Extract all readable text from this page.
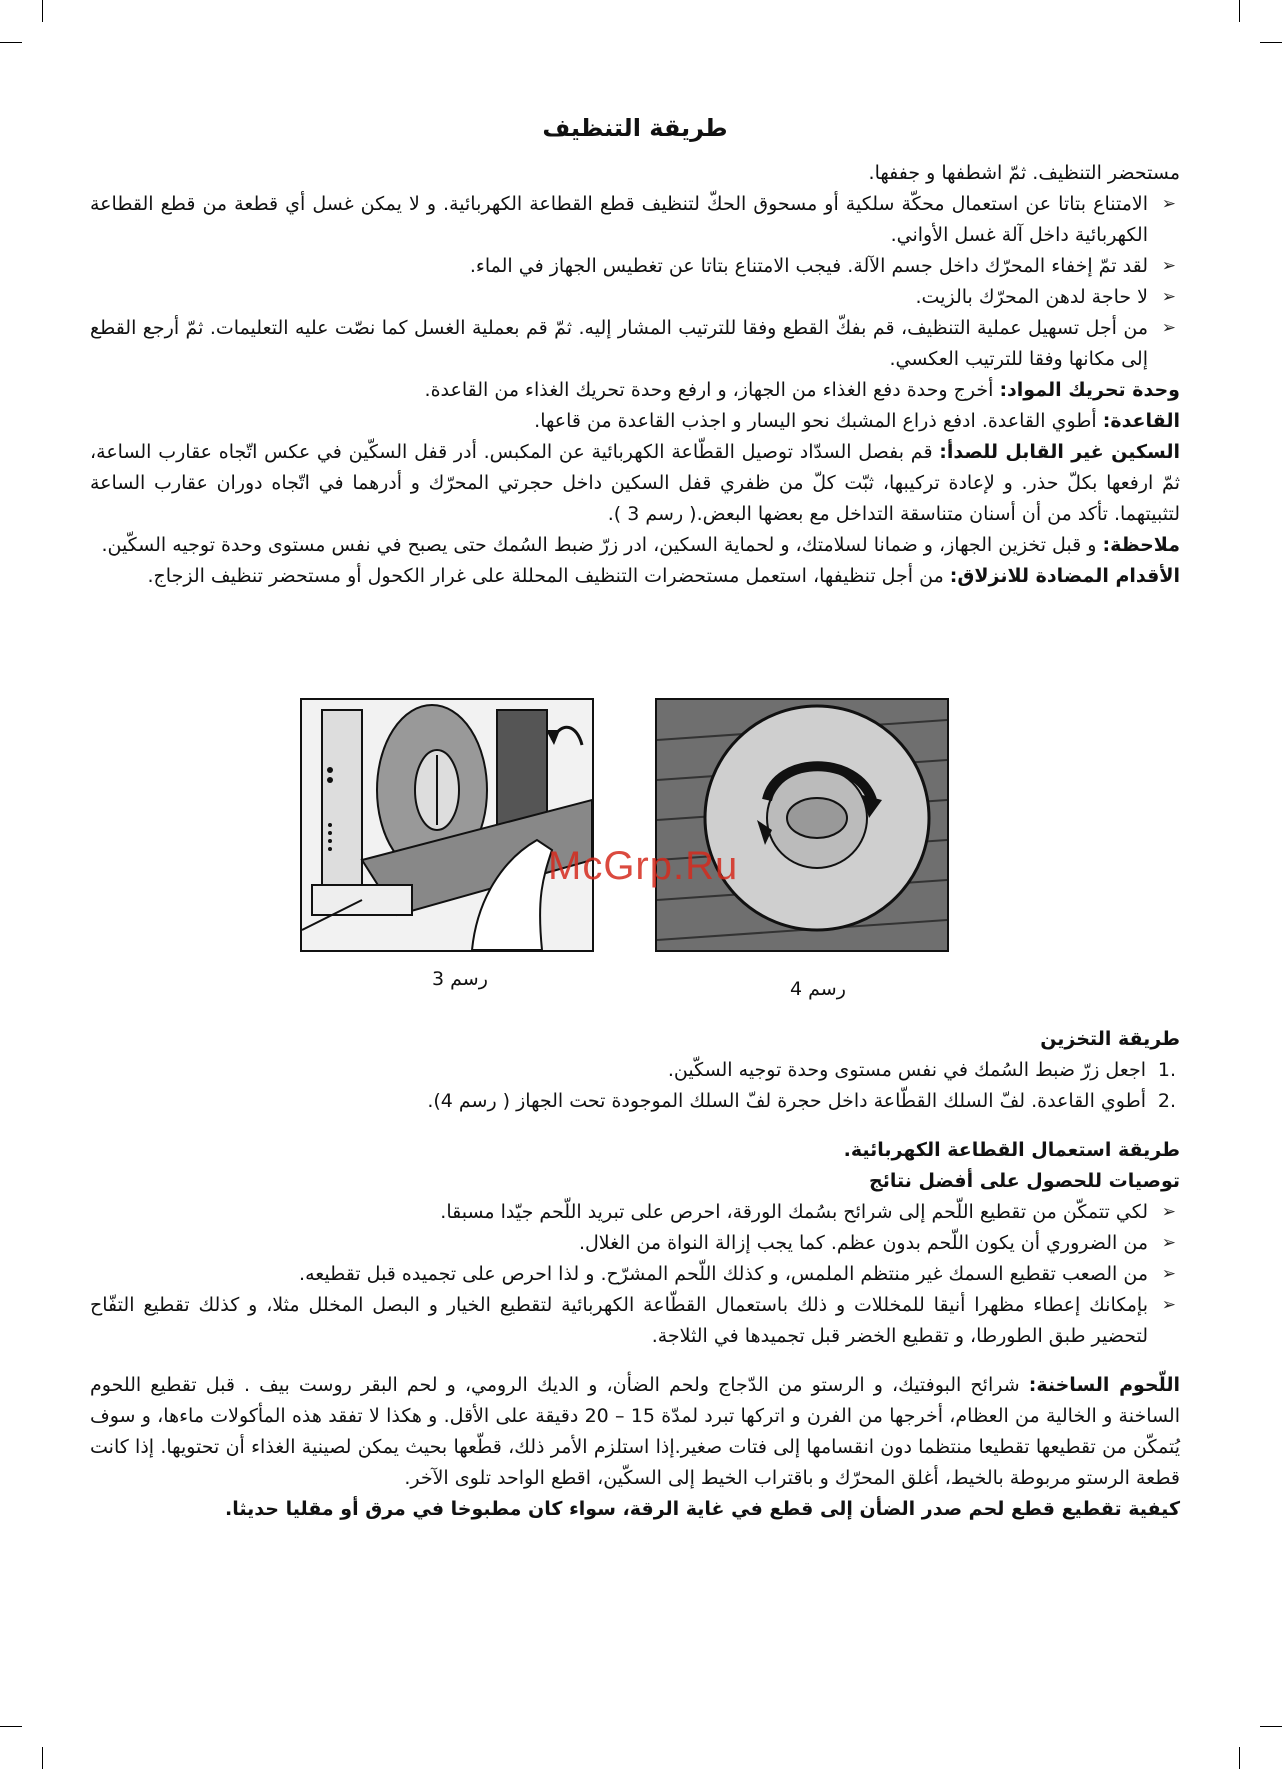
طريقة التنظيف

مستحضر التنظيف. ثمّ اشطفها و جففها.

➢ الامتناع بتاتا عن استعمال محكّة سلكية أو مسحوق الحكّ لتنظيف قطع القطاعة الكهربائية. و لا يمكن غسل أي قطعة من قطع القطاعة الكهربائية داخل آلة غسل الأواني.
➢ لقد تمّ إخفاء المحرّك داخل جسم الآلة. فيجب الامتناع بتاتا عن تغطيس الجهاز في الماء.
➢ لا حاجة لدهن المحرّك بالزيت.
➢ من أجل تسهيل عملية التنظيف، قم بفكّ القطع وفقا للترتيب المشار إليه. ثمّ قم بعملية الغسل كما نصّت عليه التعليمات. ثمّ أرجع القطع إلى مكانها وفقا للترتيب العكسي.

وحدة تحريك المواد: أخرج وحدة دفع الغذاء من الجهاز، و ارفع وحدة تحريك الغذاء من القاعدة.

القاعدة: أطوي القاعدة. ادفع ذراع المشبك نحو اليسار و اجذب القاعدة من قاعها.

السكين غير القابل للصدأ: قم بفصل السدّاد توصيل القطّاعة الكهربائية عن المكبس. أدر قفل السكّين في عكس اتّجاه عقارب الساعة، ثمّ ارفعها بكلّ حذر. و لإعادة تركيبها، ثبّت كلّ من ظفري قفل السكين داخل حجرتي المحرّك و أدرهما في اتّجاه دوران عقارب الساعة لتثبيتهما. تأكد من أن أسنان متناسقة التداخل مع بعضها البعض.( رسم 3 ).

ملاحظة: و قبل تخزين الجهاز، و ضمانا لسلامتك، و لحماية السكين، ادر زرّ ضبط السُمك حتى يصبح في نفس مستوى وحدة توجيه السكّين.

الأقدام المضادة للانزلاق: من أجل تنظيفها، استعمل مستحضرات التنظيف المحللة على غرار الكحول أو مستحضر تنظيف الزجاج.

طريقة التخزين
.1
اجعل زرّ ضبط السُمك في نفس مستوى وحدة توجيه السكّين.
.2
أطوي القاعدة. لفّ السلك القطّاعة داخل حجرة لفّ السلك الموجودة تحت الجهاز ( رسم 4).
طريقة استعمال القطاعة الكهربائية.
توصيات للحصول على أفضل نتائج
➢ لكي تتمكّن من تقطيع اللّحم إلى شرائح بسُمك الورقة، احرص على تبريد اللّحم جيّدا مسبقا.
➢ من الضروري أن يكون اللّحم بدون عظم. كما يجب إزالة النواة من الغلال.
➢ من الصعب تقطيع السمك غير منتظم الملمس، و كذلك اللّحم المشرّح. و لذا احرص على تجميده قبل تقطيعه.
➢ بإمكانك إعطاء مظهرا أنيقا للمخللات و ذلك باستعمال القطّاعة الكهربائية لتقطيع الخيار و البصل المخلل مثلا، و كذلك تقطيع التفّاح لتحضير طبق الطورطا، و تقطيع الخضر قبل تجميدها في الثلاجة.

اللّحوم الساخنة: شرائح البوفتيك، و الرستو من الدّجاج ولحم الضأن، و الديك الرومي، و لحم البقر روست بيف . قبل تقطيع اللحوم الساخنة و الخالية من العظام، أخرجها من الفرن و اتركها تبرد لمدّة 15 – 20 دقيقة على الأقل. و هكذا لا تفقد هذه المأكولات ماءها، و سوف يُتمكّن من تقطيعها تقطيعا منتظما دون انقسامها إلى فتات صغير.إذا استلزم الأمر ذلك، قطّعها بحيث يمكن لصينية الغذاء أن تحتويها. إذا كانت قطعة الرستو مربوطة بالخيط، أغلق المحرّك و باقتراب الخيط إلى السكّين، اقطع الواحد تلوى الآخر.

كيفية تقطيع قطع لحم صدر الضأن إلى قطع في غاية الرقة، سواء كان مطبوخا في مرق أو مقليا حديثا.

رسم 3	رسم 4
McGrp.Ru
